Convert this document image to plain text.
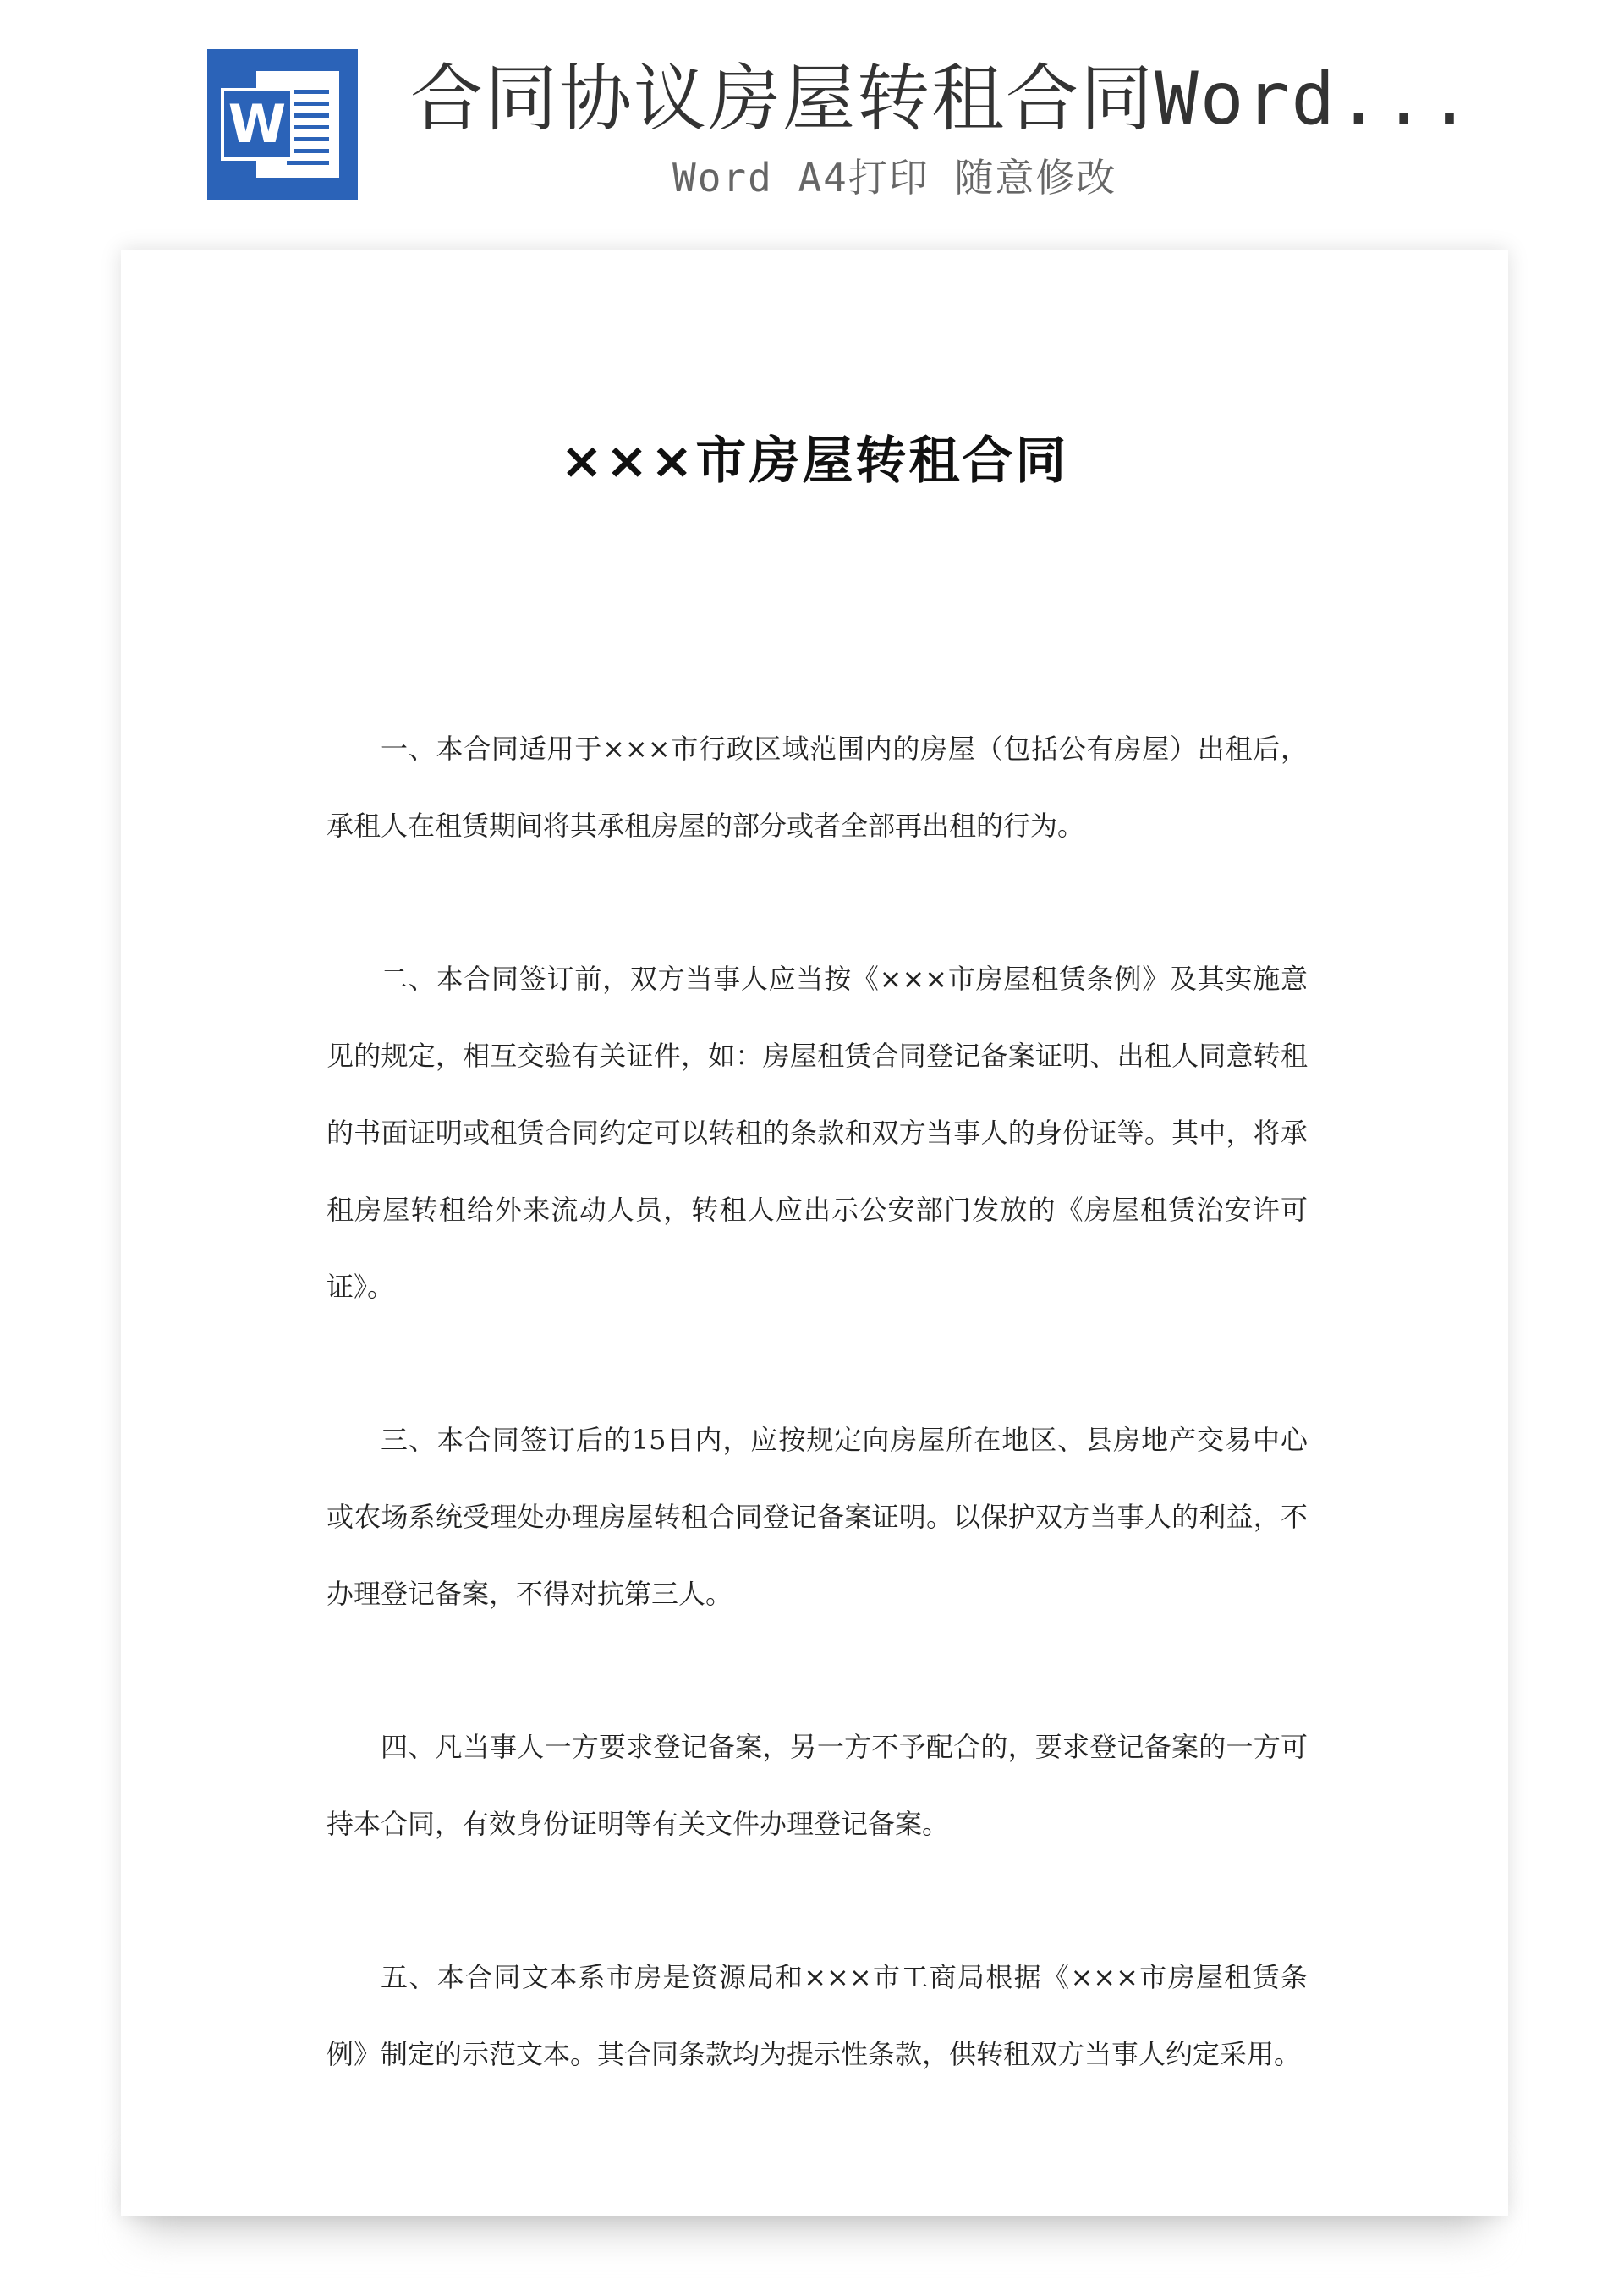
W 合同协议房屋转租合同Word...
Word A4打印 随意修改
×××市房屋转租合同

一、本合同适用于×××市行政区域范围内的房屋（包括公有房屋）出租后，承租人在租赁期间将其承租房屋的部分或者全部再出租的行为。

二、本合同签订前，双方当事人应当按《×××市房屋租赁条例》及其实施意见的规定，相互交验有关证件，如：房屋租赁合同登记备案证明、出租人同意转租的书面证明或租赁合同约定可以转租的条款和双方当事人的身份证等。其中，将承租房屋转租给外来流动人员，转租人应出示公安部门发放的《房屋租赁治安许可证》。

三、本合同签订后的15日内，应按规定向房屋所在地区、县房地产交易中心或农场系统受理处办理房屋转租合同登记备案证明。以保护双方当事人的利益，不办理登记备案，不得对抗第三人。

四、凡当事人一方要求登记备案，另一方不予配合的，要求登记备案的一方可持本合同，有效身份证明等有关文件办理登记备案。

五、本合同文本系市房是资源局和×××市工商局根据《×××市房屋租赁条例》制定的示范文本。其合同条款均为提示性条款，供转租双方当事人约定采用。
